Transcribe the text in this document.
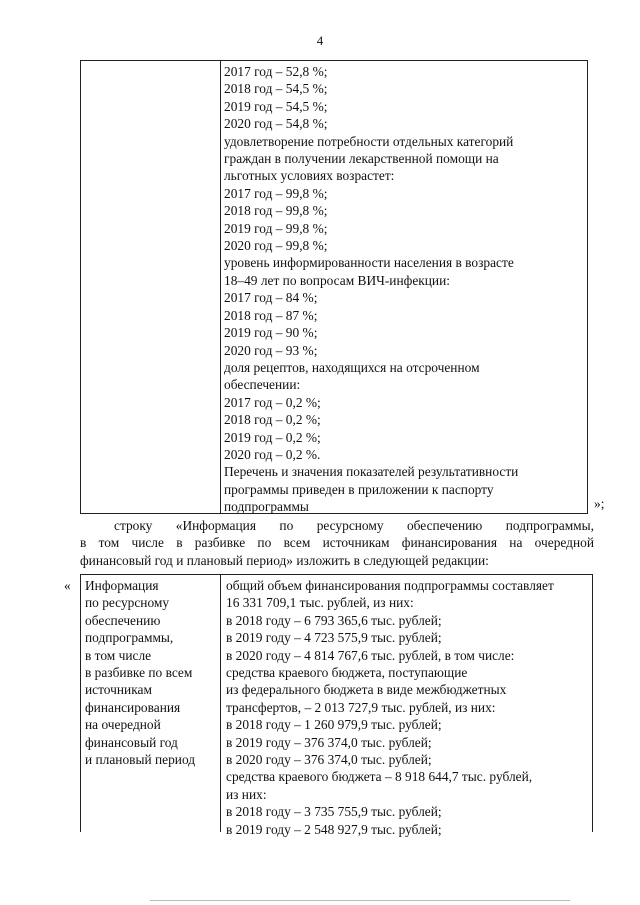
4
2017 год – 52,8 %;
2018 год – 54,5 %;
2019 год – 54,5 %;
2020 год – 54,8 %;
удовлетворение потребности отдельных категорий
граждан в получении лекарственной помощи на
льготных условиях возрастет:
2017 год – 99,8 %;
2018 год – 99,8 %;
2019 год – 99,8 %;
2020 год – 99,8 %;
уровень информированности населения в возрасте
18–49 лет по вопросам ВИЧ-инфекции:
2017 год – 84 %;
2018 год – 87 %;
2019 год – 90 %;
2020 год – 93 %;
доля рецептов, находящихся на отсроченном
обеспечении:
2017 год – 0,2 %;
2018 год – 0,2 %;
2019 год – 0,2 %;
2020 год – 0,2 %.
Перечень и значения показателей результативности
программы приведен в приложении к паспорту
подпрограммы	»;
строку «Информация по ресурсному обеспечению подпрограммы,
в том числе в разбивке по всем источникам финансирования на очередной
финансовый год и плановый период» изложить в следующей редакции:
« Информация
по ресурсному
обеспечению
подпрограммы,
в том числе
в разбивке по всем
источникам
финансирования
на очередной
финансовый год
и плановый период
общий объем финансирования подпрограммы составляет
16 331 709,1 тыс. рублей, из них:
в 2018 году – 6 793 365,6 тыс. рублей;
в 2019 году – 4 723 575,9 тыс. рублей;
в 2020 году – 4 814 767,6 тыс. рублей, в том числе:
средства краевого бюджета, поступающие
из федерального бюджета в виде межбюджетных
трансфертов, – 2 013 727,9 тыс. рублей, из них:
в 2018 году – 1 260 979,9 тыс. рублей;
в 2019 году – 376 374,0 тыс. рублей;
в 2020 году – 376 374,0 тыс. рублей;
средства краевого бюджета – 8 918 644,7 тыс. рублей,
из них:
в 2018 году – 3 735 755,9 тыс. рублей;
в 2019 году – 2 548 927,9 тыс. рублей;
